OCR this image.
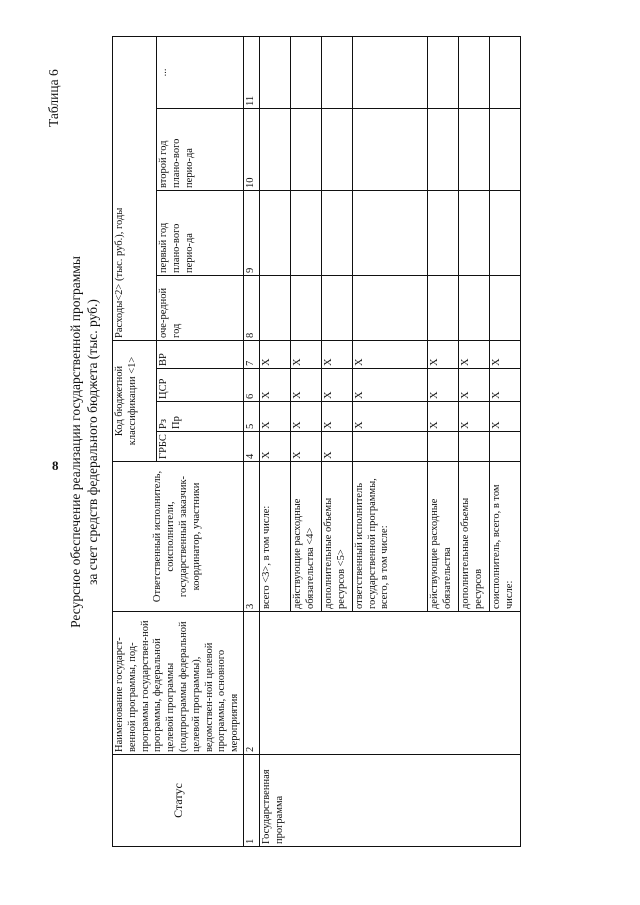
8
Таблица 6
Ресурсное обеспечение реализации государственной программы за счет средств федерального бюджета (тыс. руб.)
Статус	Наименование государст-венной программы, под-программы государствен-ной программы, федеральной целевой программы (подпрограммы федеральной целевой программы), ведомствен-ной целевой программы, основного мероприятия	Ответственный исполнитель, соисполнители, государственный заказчик-координатор, участники	Код бюджетной классификации <1>				Расходы<2> (тыс. руб.), годы			
			ГРБС	Рз Пр	ЦСР	ВР	оче-редной год	первый год плано-вого перио-да	второй год плано-вого перио-да	...
1	2	3	4	5	6	7	8	9	10	11
Государственная программа		всего <3>, в том числе:	X	X	X	X				
		действующие расходные обязательства <4>	X	X	X	X				
		дополнительные объемы ресурсов <5>	X	X	X	X				
		ответственный исполнитель государственной программы, всего, в том числе:		X	X	X				
		действующие расходные обязательства		X	X	X				
		дополнительные объемы ресурсов		X	X	X				
		соисполнитель, всего, в том числе:		X	X	X				
